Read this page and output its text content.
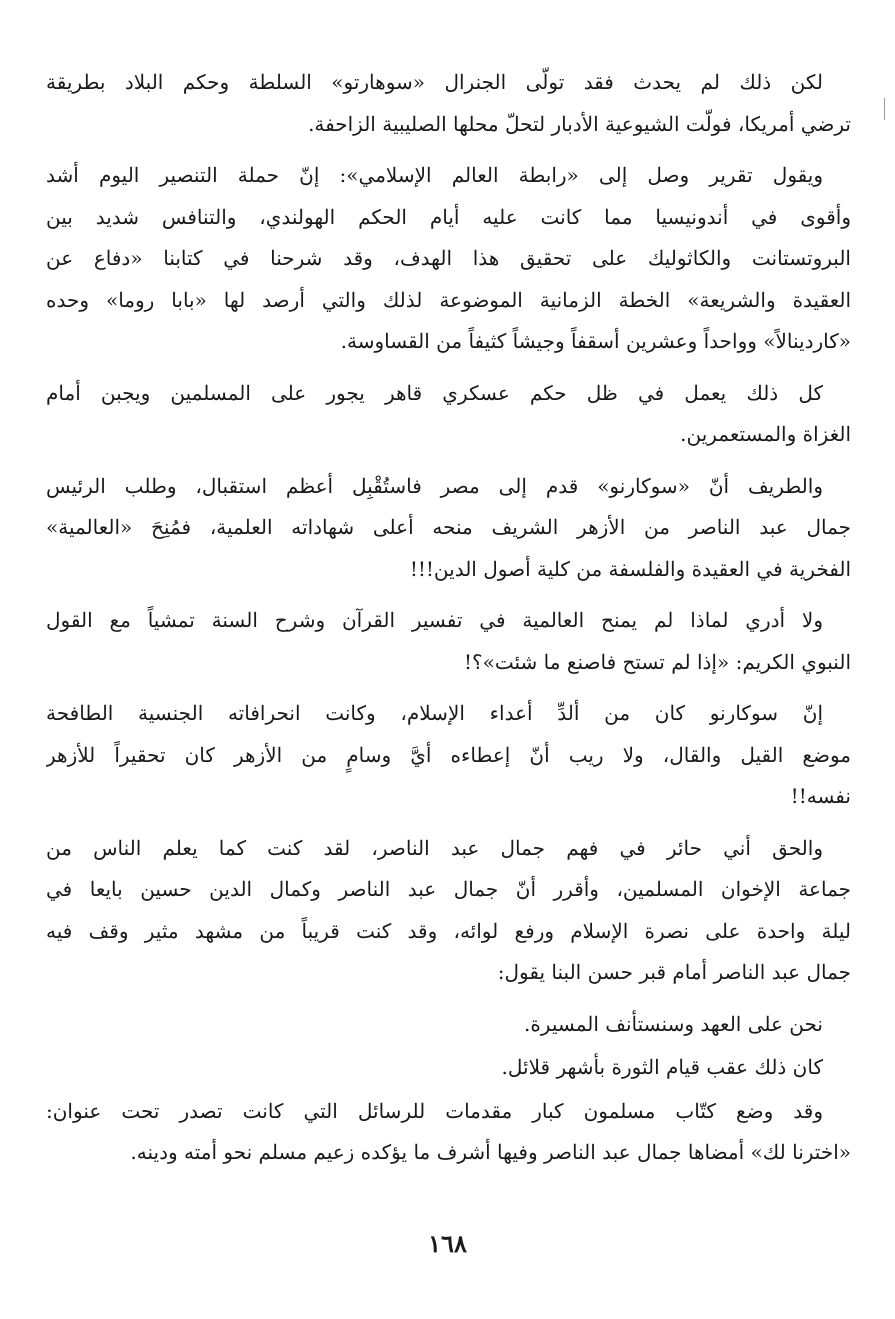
لكن ذلك لم يحدث فقد تولّى الجنرال «سوهارتو» السلطة وحكم البلاد بطريقة
ترضي أمريكا، فولّت الشيوعية الأدبار لتحلّ محلها الصليبية الزاحفة.
ويقول تقرير وصل إلى «رابطة العالم الإسلامي»: إنّ حملة التنصير اليوم أشد
وأقوى في أندونيسيا مما كانت عليه أيام الحكم الهولندي، والتنافس شديد بين
البروتستانت والكاثوليك على تحقيق هذا الهدف، وقد شرحنا في كتابنا «دفاع عن
العقيدة والشريعة» الخطة الزمانية الموضوعة لذلك والتي أرصد لها «بابا روما» وحده
«كاردينالاً» وواحداً وعشرين أسقفاً وجيشاً كثيفاً من القساوسة.
كل ذلك يعمل في ظل حكم عسكري قاهر يجور على المسلمين ويجبن أمام
الغزاة والمستعمرين.
والطريف أنّ «سوكارنو» قدم إلى مصر فاستُقْبِل أعظم استقبال، وطلب الرئيس
جمال عبد الناصر من الأزهر الشريف منحه أعلى شهاداته العلمية، فمُنِحَ «العالمية»
الفخرية في العقيدة والفلسفة من كلية أصول الدين!!!
ولا أدري لماذا لم يمنح العالمية في تفسير القرآن وشرح السنة تمشياً مع القول
النبوي الكريم: «إذا لم تستح فاصنع ما شئت»؟!
إنّ سوكارنو كان من ألدِّ أعداء الإسلام، وكانت انحرافاته الجنسية الطافحة
موضع القيل والقال، ولا ريب أنّ إعطاءه أيَّ وسامٍ من الأزهر كان تحقيراً للأزهر
نفسه!!
والحق أني حائر في فهم جمال عبد الناصر، لقد كنت كما يعلم الناس من
جماعة الإخوان المسلمين، وأقرر أنّ جمال عبد الناصر وكمال الدين حسين بايعا في
ليلة واحدة على نصرة الإسلام ورفع لوائه، وقد كنت قريباً من مشهد مثير وقف فيه
جمال عبد الناصر أمام قبر حسن البنا يقول:
نحن على العهد وسنستأنف المسيرة.
كان ذلك عقب قيام الثورة بأشهر قلائل.
وقد وضع كتّاب مسلمون كبار مقدمات للرسائل التي كانت تصدر تحت عنوان:
«اخترنا لك» أمضاها جمال عبد الناصر وفيها أشرف ما يؤكده زعيم مسلم نحو أمته ودينه.
١٦٨
